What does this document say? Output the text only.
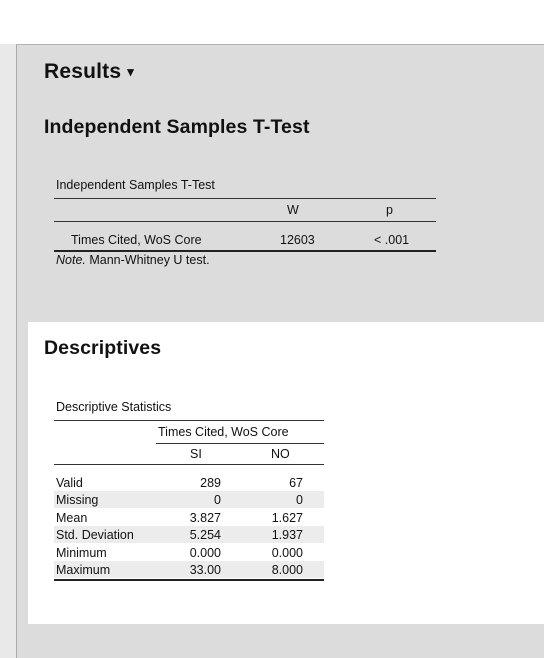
Results ▾
Independent Samples T-Test
Independent Samples T-Test
W	p
Times Cited, WoS Core	12603	< .001
Note. Mann-Whitney U test.
Descriptives
Descriptive Statistics
Times Cited, WoS Core
SI	NO
Valid	289	67
Missing	0	0
Mean	3.827	1.627
Std. Deviation	5.254	1.937
Minimum	0.000	0.000
Maximum	33.00	8.000
